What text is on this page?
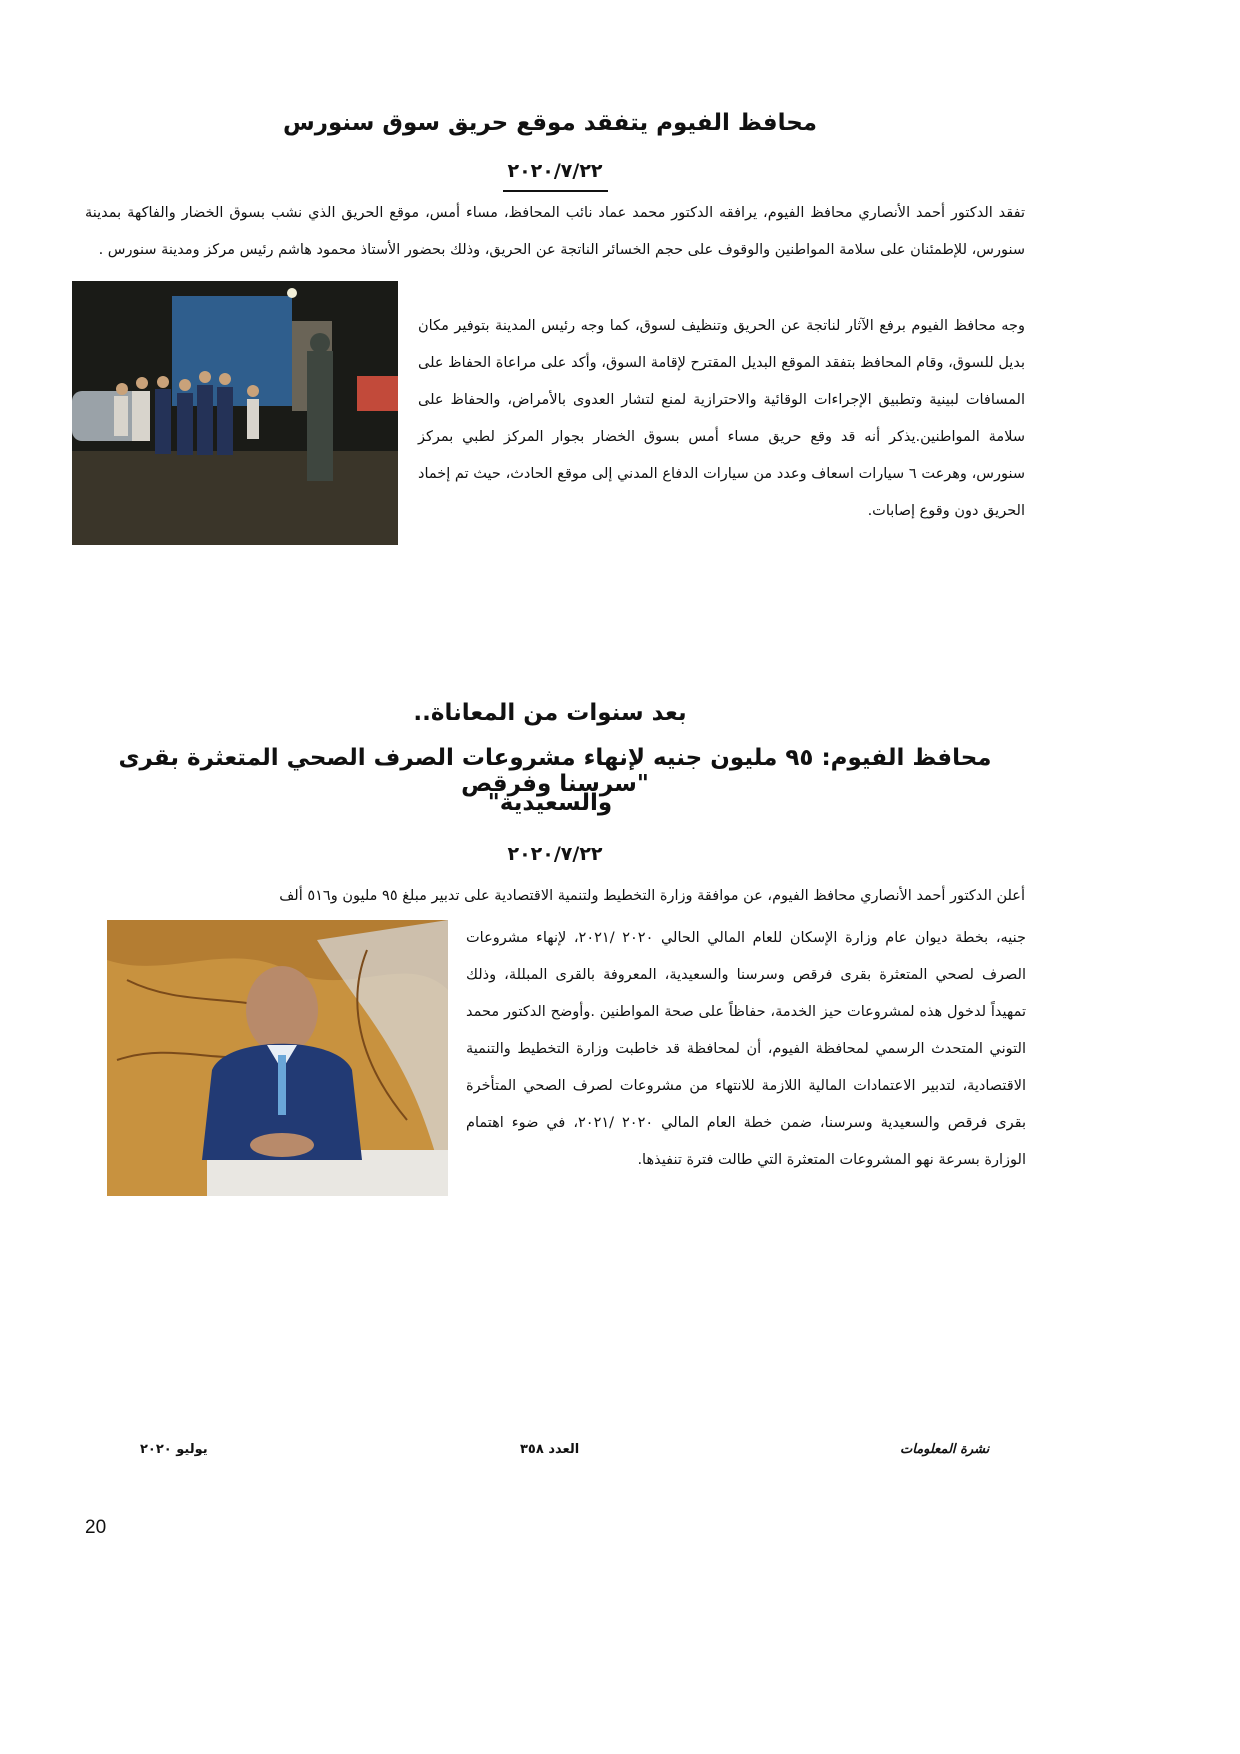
محافظ الفيوم يتفقد موقع حريق سوق سنورس
٢٠٢٠/٧/٢٢
تفقد الدكتور أحمد الأنصاري محافظ الفيوم، يرافقه الدكتور محمد عماد نائب المحافظ، مساء أمس، موقع الحريق الذي نشب بسوق الخضار والفاكهة بمدينة سنورس، للإطمئنان على سلامة المواطنين والوقوف على حجم الخسائر الناتجة عن الحريق، وذلك بحضور الأستاذ محمود هاشم رئيس مركز ومدينة سنورس .
وجه محافظ الفيوم برفع الآثار لناتجة عن الحريق وتنظيف لسوق، كما وجه رئيس المدينة بتوفير مكان بديل للسوق، وقام المحافظ بتفقد الموقع البديل المقترح لإقامة السوق، وأكد على مراعاة الحفاظ على المسافات لبينية وتطبيق الإجراءات الوقائية والاحترازية لمنع لتشار العدوى بالأمراض، والحفاظ على سلامة المواطنين.يذكر أنه قد وقع حريق مساء أمس بسوق الخضار بجوار المركز لطبي بمركز سنورس، وهرعت ٦ سيارات اسعاف وعدد من سيارات الدفاع المدني إلى موقع الحادث، حيث تم إخماد الحريق دون وقوع إصابات.
بعد سنوات من المعاناة..
محافظ الفيوم: ٩٥ مليون جنيه لإنهاء مشروعات الصرف الصحي المتعثرة بقرى "سرسنا وفرقص
والسعيدية"
٢٠٢٠/٧/٢٢
أعلن الدكتور أحمد الأنصاري محافظ الفيوم، عن موافقة وزارة التخطيط ولتنمية الاقتصادية على تدبير مبلغ ٩٥ مليون و٥١٦ ألف
جنيه، بخطة ديوان عام وزارة الإسكان للعام المالي الحالي ٢٠٢٠ /٢٠٢١، لإنهاء مشروعات الصرف لصحي المتعثرة بقرى فرقص وسرسنا والسعيدية، المعروفة بالقرى المبللة، وذلك تمهيداً لدخول هذه لمشروعات حيز الخدمة، حفاظاً على صحة المواطنين .وأوضح الدكتور محمد التوني المتحدث الرسمي لمحافظة الفيوم، أن لمحافظة قد خاطبت وزارة التخطيط والتنمية الاقتصادية، لتدبير الاعتمادات المالية اللازمة للانتهاء من مشروعات لصرف الصحي المتأخرة بقرى فرقص والسعيدية وسرسنا، ضمن خطة العام المالي ٢٠٢٠ /٢٠٢١، في ضوء اهتمام الوزارة بسرعة نهو المشروعات المتعثرة التي طالت فترة تنفيذها.
يوليو ٢٠٢٠	العدد ٣٥٨	نشرة المعلومات
20
